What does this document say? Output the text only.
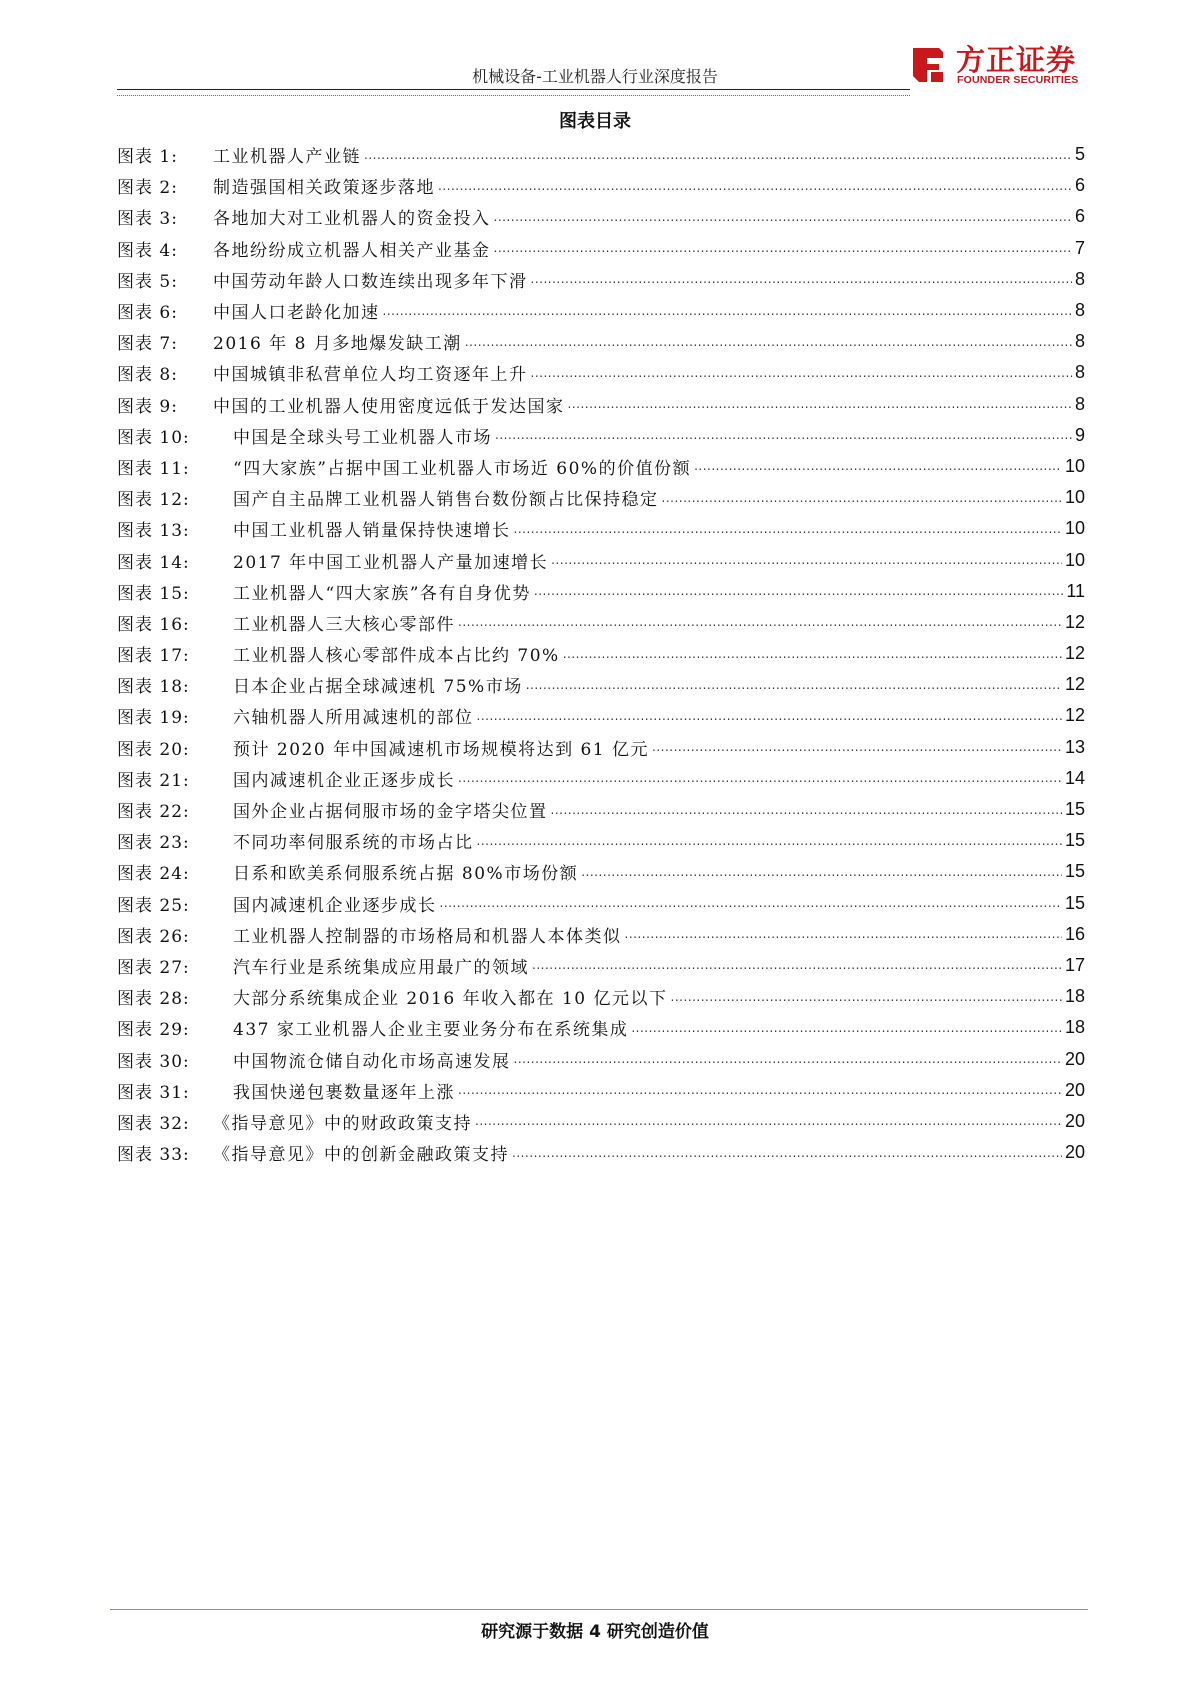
机械设备-工业机器人行业深度报告	方正证券
FOUNDER SECURITIES
图表目录
图表 1:	工业机器人产业链 .....	5
图表 2:	制造强国相关政策逐步落地 .....	6
图表 3:	各地加大对工业机器人的资金投入 .....	6
图表 4:	各地纷纷成立机器人相关产业基金 .....	7
图表 5:	中国劳动年龄人口数连续出现多年下滑 .....	8
图表 6:	中国人口老龄化加速 .....	8
图表 7:	2016 年 8 月多地爆发缺工潮 .....	8
图表 8:	中国城镇非私营单位人均工资逐年上升 .....	8
图表 9:	中国的工业机器人使用密度远低于发达国家 .....	8
图表 10:	中国是全球头号工业机器人市场 .....	9
图表 11:	“四大家族”占据中国工业机器人市场近 60%的价值份额 .....	10
图表 12:	国产自主品牌工业机器人销售台数份额占比保持稳定 .....	10
图表 13:	中国工业机器人销量保持快速增长 .....	10
图表 14:	2017 年中国工业机器人产量加速增长 .....	10
图表 15:	工业机器人“四大家族”各有自身优势 .....	11
图表 16:	工业机器人三大核心零部件 .....	12
图表 17:	工业机器人核心零部件成本占比约 70% .....	12
图表 18:	日本企业占据全球减速机 75%市场 .....	12
图表 19:	六轴机器人所用减速机的部位 .....	12
图表 20:	预计 2020 年中国减速机市场规模将达到 61 亿元 .....	13
图表 21:	国内减速机企业正逐步成长 .....	14
图表 22:	国外企业占据伺服市场的金字塔尖位置 .....	15
图表 23:	不同功率伺服系统的市场占比 .....	15
图表 24:	日系和欧美系伺服系统占据 80%市场份额 .....	15
图表 25:	国内减速机企业逐步成长 .....	15
图表 26:	工业机器人控制器的市场格局和机器人本体类似 .....	16
图表 27:	汽车行业是系统集成应用最广的领域 .....	17
图表 28:	大部分系统集成企业 2016 年收入都在 10 亿元以下 .....	18
图表 29:	437 家工业机器人企业主要业务分布在系统集成 .....	18
图表 30:	中国物流仓储自动化市场高速发展 .....	20
图表 31:	我国快递包裹数量逐年上涨 .....	20
图表 32:	《指导意见》中的财政政策支持 .....	20
图表 33:	《指导意见》中的创新金融政策支持 .....	20
研究源于数据 4 研究创造价值
